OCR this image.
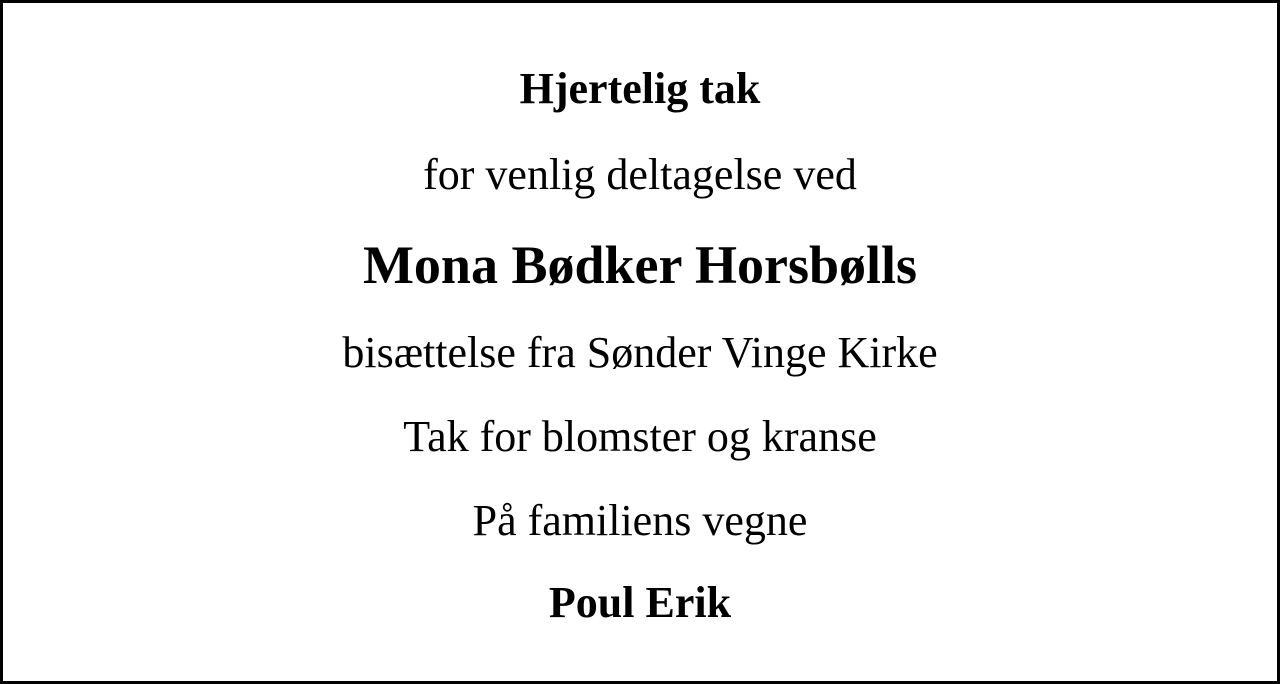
Hjertelig tak
for venlig deltagelse ved
Mona Bødker Horsbølls
bisættelse fra Sønder Vinge Kirke
Tak for blomster og kranse
På familiens vegne
Poul Erik
